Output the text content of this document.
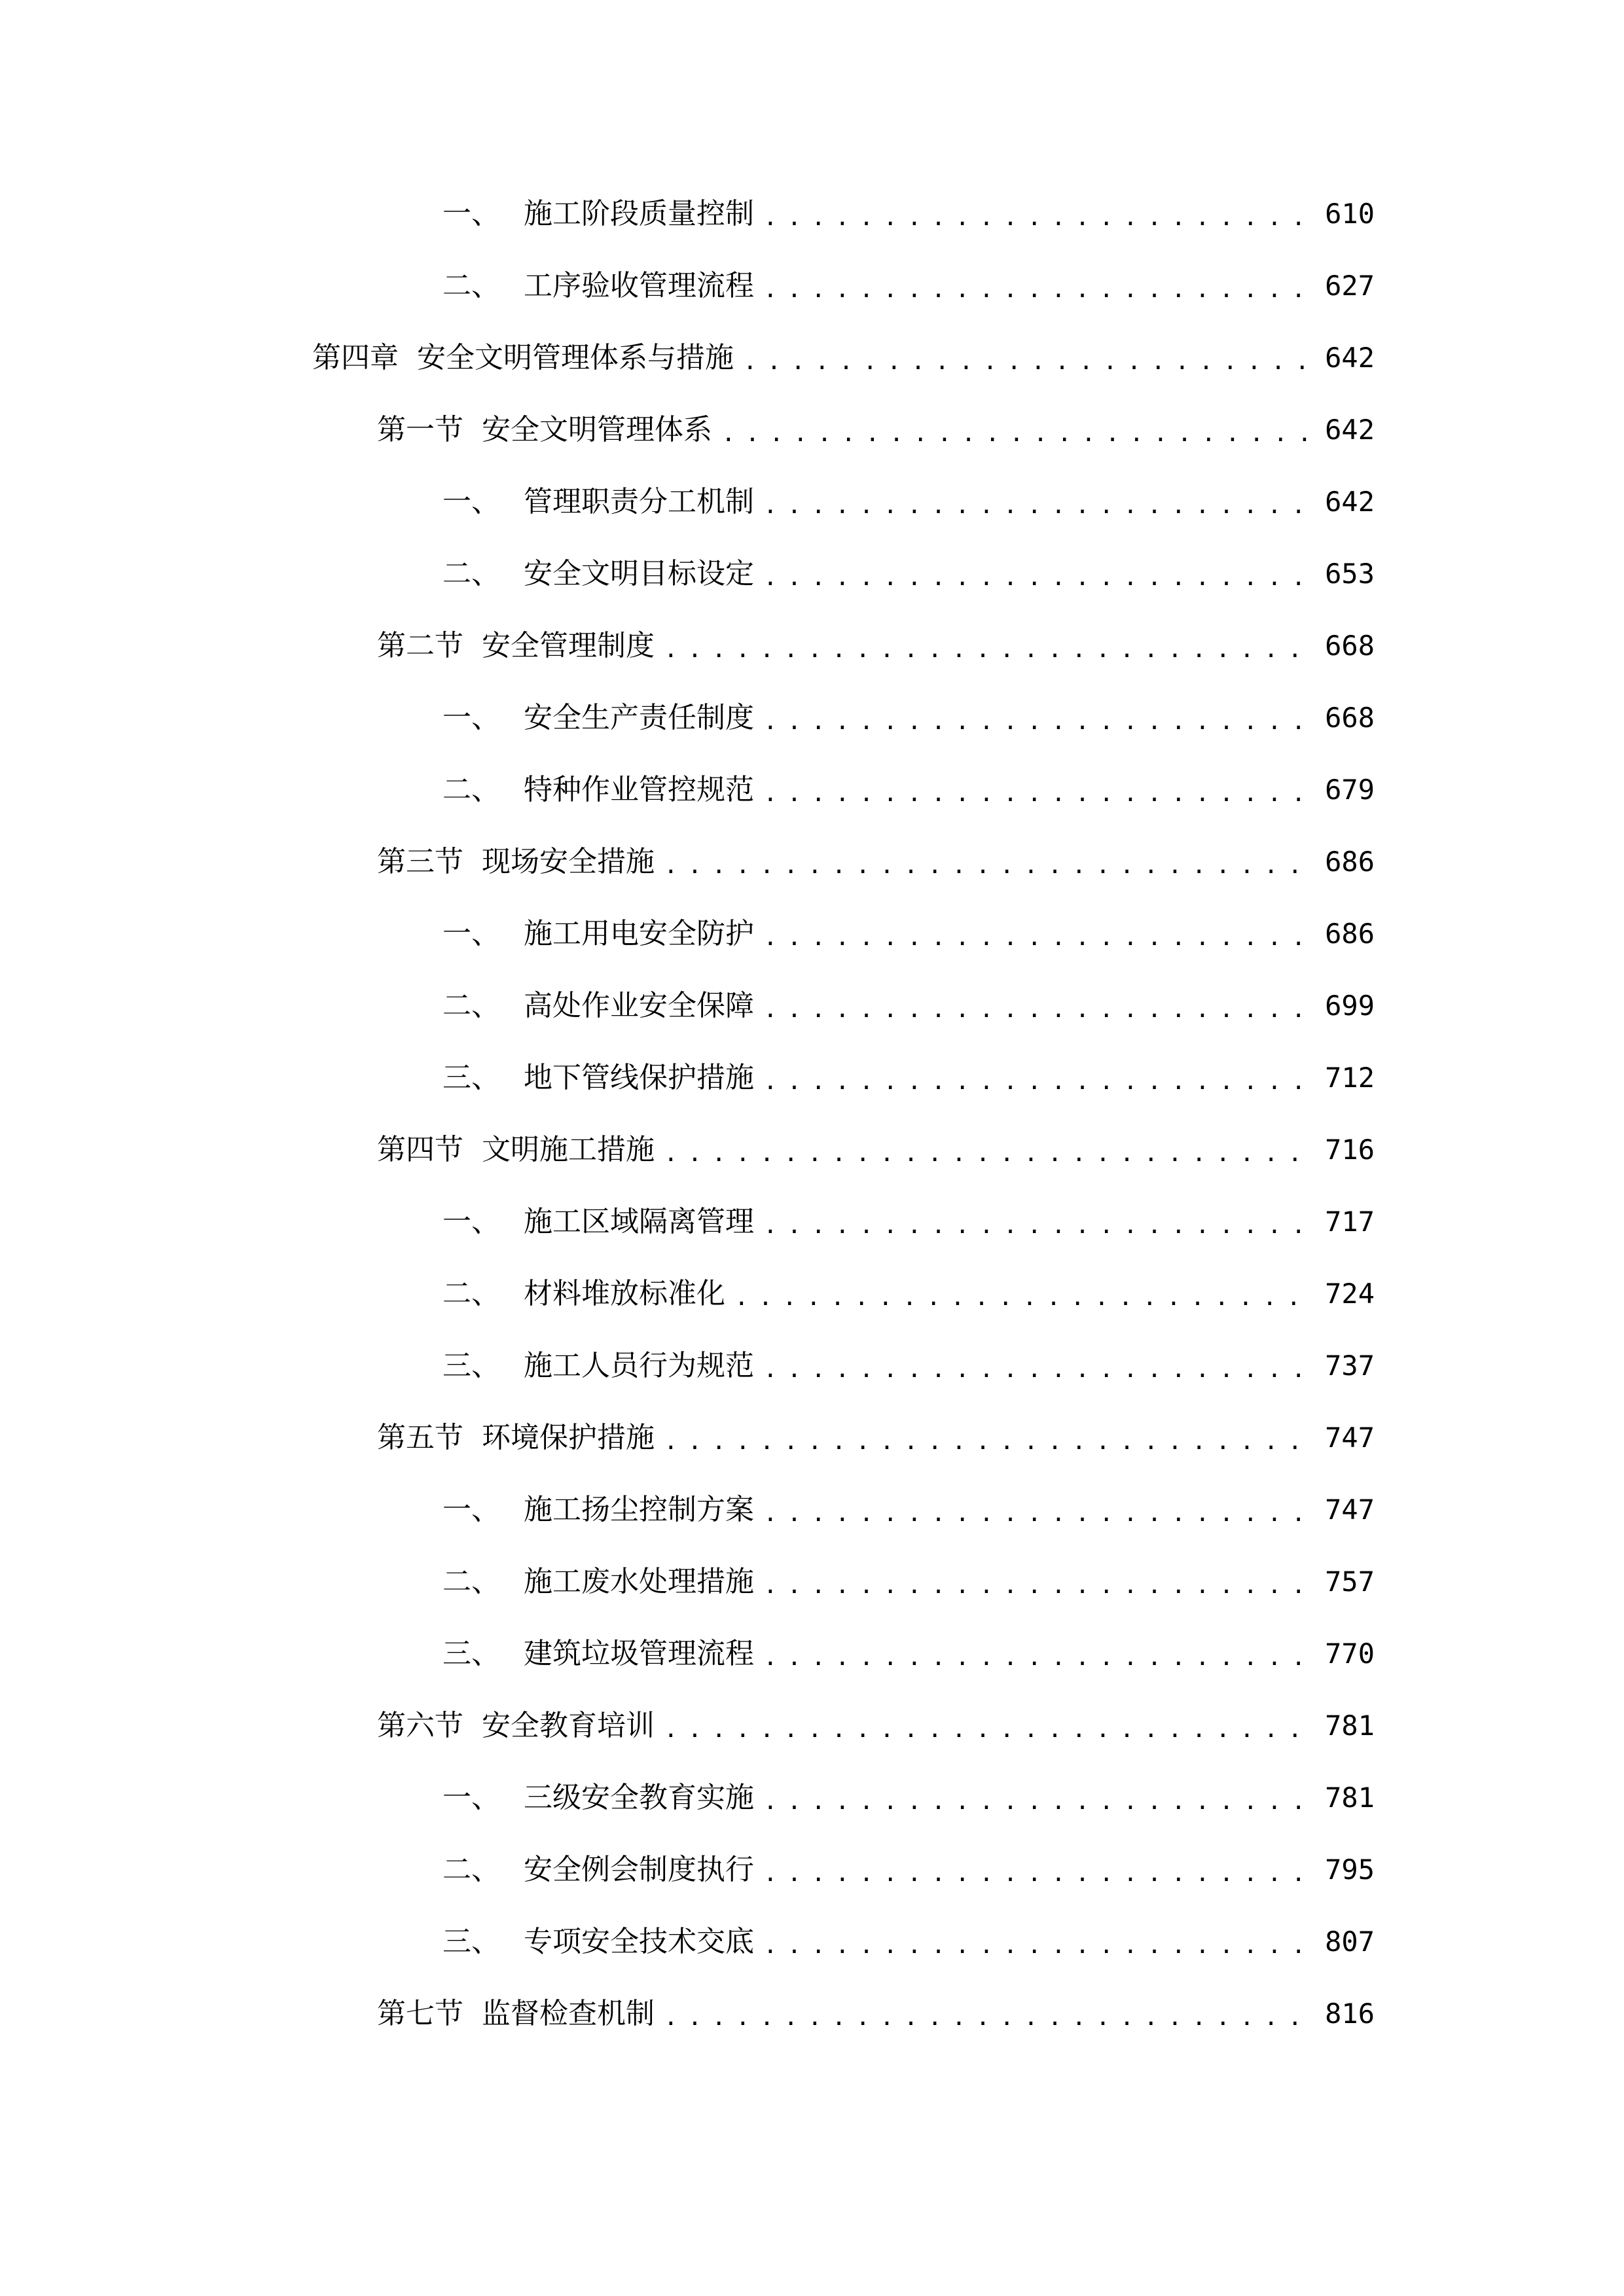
一、 施工阶段质量控制 .....	610
二、 工序验收管理流程 .....	627
第四章 安全文明管理体系与措施 .....	642
第一节 安全文明管理体系 .....	642
一、 管理职责分工机制 .....	642
二、 安全文明目标设定 .....	653
第二节 安全管理制度 .....	668
一、 安全生产责任制度 .....	668
二、 特种作业管控规范 .....	679
第三节 现场安全措施 .....	686
一、 施工用电安全防护 .....	686
二、 高处作业安全保障 .....	699
三、 地下管线保护措施 .....	712
第四节 文明施工措施 .....	716
一、 施工区域隔离管理 .....	717
二、 材料堆放标准化 .....	724
三、 施工人员行为规范 .....	737
第五节 环境保护措施 .....	747
一、 施工扬尘控制方案 .....	747
二、 施工废水处理措施 .....	757
三、 建筑垃圾管理流程 .....	770
第六节 安全教育培训 .....	781
一、 三级安全教育实施 .....	781
二、 安全例会制度执行 .....	795
三、 专项安全技术交底 .....	807
第七节 监督检查机制 .....	816
